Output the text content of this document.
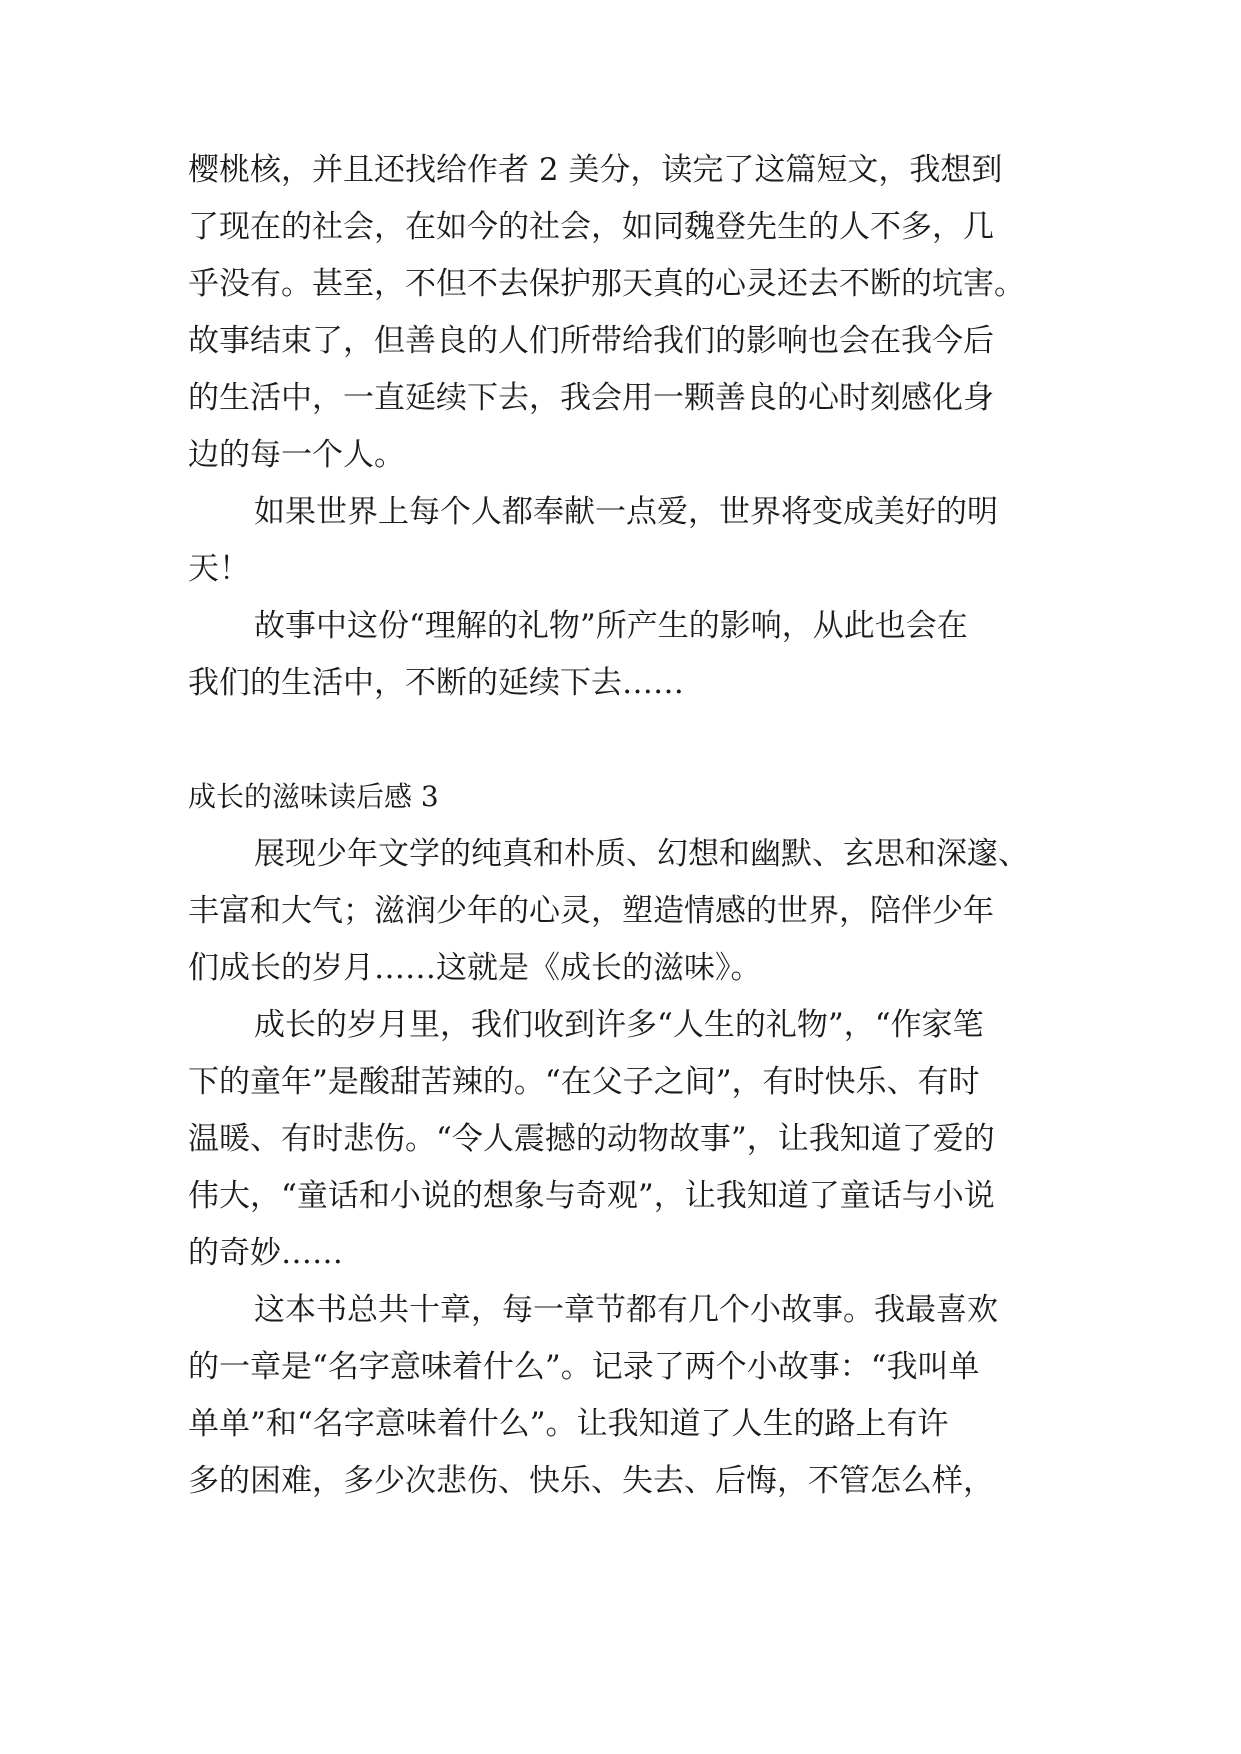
樱桃核，并且还找给作者 2 美分，读完了这篇短文，我想到
了现在的社会，在如今的社会，如同魏登先生的人不多，几
乎没有。甚至，不但不去保护那天真的心灵还去不断的坑害。
故事结束了，但善良的人们所带给我们的影响也会在我今后
的生活中，一直延续下去，我会用一颗善良的心时刻感化身
边的每一个人。
如果世界上每个人都奉献一点爱，世界将变成美好的明
天！
故事中这份“理解的礼物”所产生的影响，从此也会在
我们的生活中，不断的延续下去……
成长的滋味读后感 3
展现少年文学的纯真和朴质、幻想和幽默、玄思和深邃、
丰富和大气；滋润少年的心灵，塑造情感的世界，陪伴少年
们成长的岁月……这就是《成长的滋味》。
成长的岁月里，我们收到许多“人生的礼物”，“作家笔
下的童年”是酸甜苦辣的。“在父子之间”，有时快乐、有时
温暖、有时悲伤。“令人震撼的动物故事”，让我知道了爱的
伟大，“童话和小说的想象与奇观”，让我知道了童话与小说
的奇妙……
这本书总共十章，每一章节都有几个小故事。我最喜欢
的一章是“名字意味着什么”。记录了两个小故事：“我叫单
单单”和“名字意味着什么”。让我知道了人生的路上有许
多的困难，多少次悲伤、快乐、失去、后悔，不管怎么样，
